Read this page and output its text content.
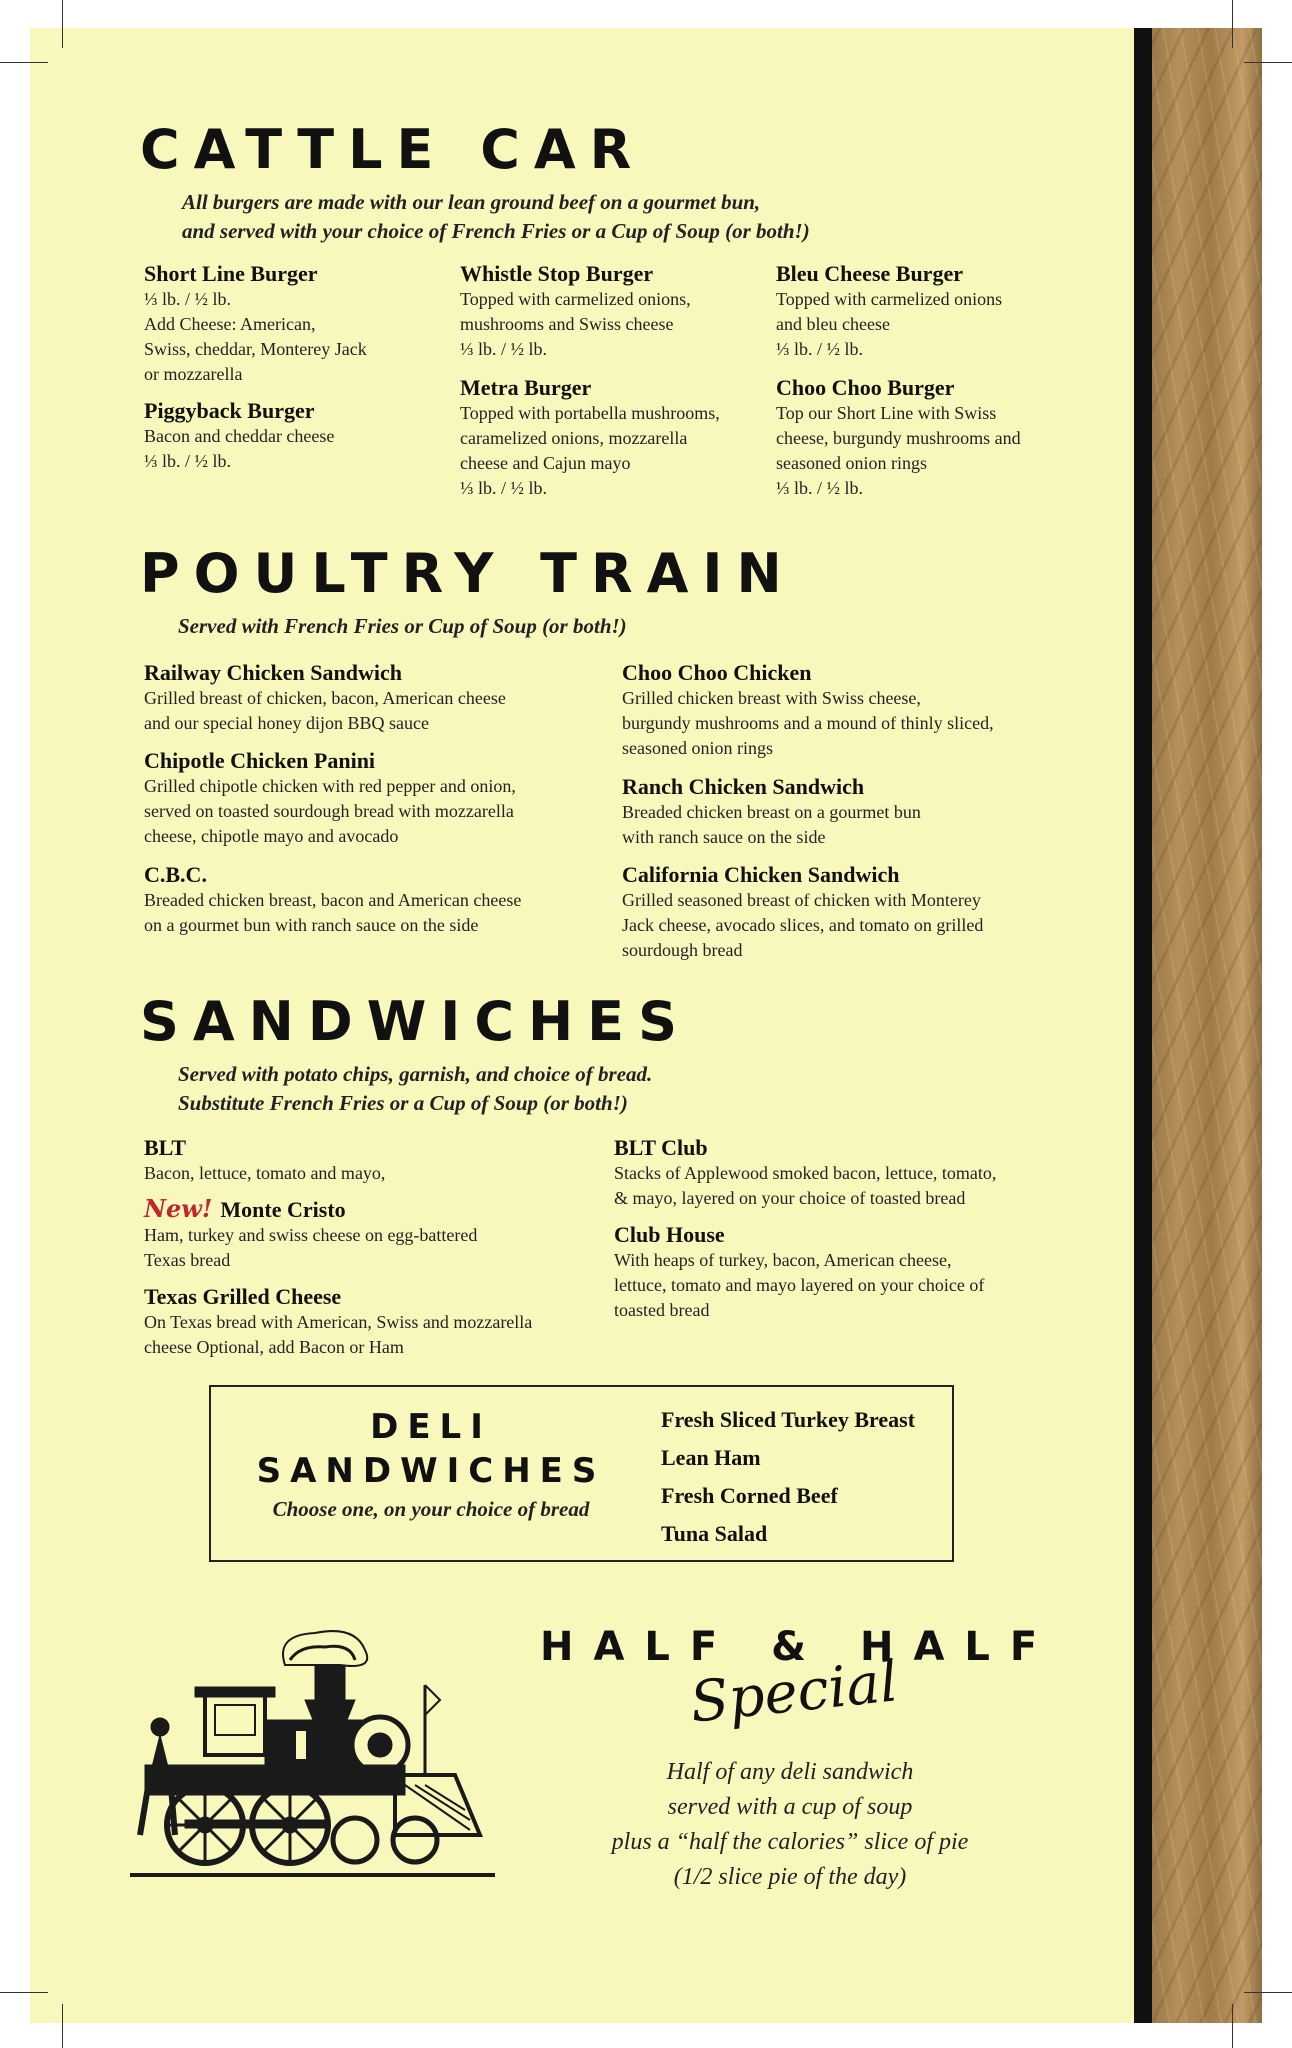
CATTLE CAR
All burgers are made with our lean ground beef on a gourmet bun,
and served with your choice of French Fries or a Cup of Soup (or both!)
Short Line Burger
⅓ lb. / ½ lb.
Add Cheese: American,
Swiss, cheddar, Monterey Jack
or mozzarella
Piggyback Burger
Bacon and cheddar cheese
⅓ lb. / ½ lb.
Whistle Stop Burger
Topped with carmelized onions,
mushrooms and Swiss cheese
⅓ lb. / ½ lb.
Metra Burger
Topped with portabella mushrooms,
caramelized onions, mozzarella
cheese and Cajun mayo
⅓ lb. / ½ lb.
Bleu Cheese Burger
Topped with carmelized onions
and bleu cheese
⅓ lb. / ½ lb.
Choo Choo Burger
Top our Short Line with Swiss
cheese, burgundy mushrooms and
seasoned onion rings
⅓ lb. / ½ lb.
POULTRY TRAIN
Served with French Fries or Cup of Soup (or both!)
Railway Chicken Sandwich
Grilled breast of chicken, bacon, American cheese
and our special honey dijon BBQ sauce
Chipotle Chicken Panini
Grilled chipotle chicken with red pepper and onion,
served on toasted sourdough bread with mozzarella
cheese, chipotle mayo and avocado
C.B.C.
Breaded chicken breast, bacon and American cheese
on a gourmet bun with ranch sauce on the side
Choo Choo Chicken
Grilled chicken breast with Swiss cheese,
burgundy mushrooms and a mound of thinly sliced,
seasoned onion rings
Ranch Chicken Sandwich
Breaded chicken breast on a gourmet bun
with ranch sauce on the side
California Chicken Sandwich
Grilled seasoned breast of chicken with Monterey
Jack cheese, avocado slices, and tomato on grilled
sourdough bread
SANDWICHES
Served with potato chips, garnish, and choice of bread.
Substitute French Fries or a Cup of Soup (or both!)
BLT
Bacon, lettuce, tomato and mayo,
New! Monte Cristo
Ham, turkey and swiss cheese on egg-battered
Texas bread
Texas Grilled Cheese
On Texas bread with American, Swiss and mozzarella
cheese Optional, add Bacon or Ham
BLT Club
Stacks of Applewood smoked bacon, lettuce, tomato,
& mayo, layered on your choice of toasted bread
Club House
With heaps of turkey, bacon, American cheese,
lettuce, tomato and mayo layered on your choice of
toasted bread
DELI
SANDWICHES
Choose one, on your choice of bread
Fresh Sliced Turkey Breast
Lean Ham
Fresh Corned Beef
Tuna Salad
HALF & HALF
Special
Half of any deli sandwich
served with a cup of soup
plus a “half the calories” slice of pie
(1/2 slice pie of the day)
